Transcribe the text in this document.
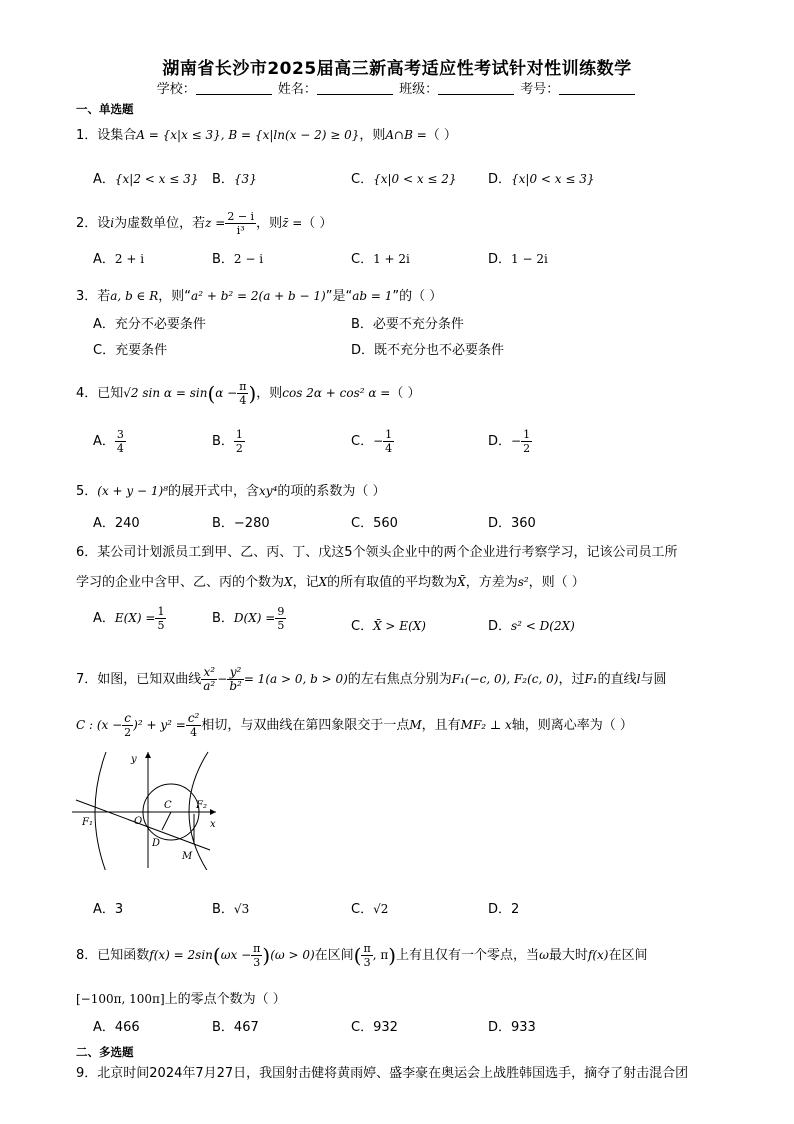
湖南省长沙市2025届高三新高考适应性考试针对性训练数学
学校：	姓名：	班级：	考号：
一、单选题
1．设集合A = {x|x ≤ 3}, B = {x|ln(x − 2) ≥ 0}，则A∩B =（ ）
A．{x|2 < x ≤ 3} B．{3}	C．{x|0 < x ≤ 2} D．{x|0 < x ≤ 3}
2．设i为虚数单位，若$z = \frac{2 - i}{\text{i³}}$ ，则z̄ =（ ）
A．2 + i	B．2 − i	C．1 + 2i	D．1 − 2i
3．若a, b ∈ R，则“a² + b² = 2(a + b − 1)”是“ab = 1”的（ ）
A．充分不必要条件	B．必要不充分条件
C．充要条件	D．既不充分也不必要条件
4．已知√2 $\sin \alpha = \sin(\alpha - \frac{\pi}{4}$ )，则cos 2α + cos² α =（ ）
A． $\frac{3}{4}$	B． $\frac{1}{2}$	C．− $\frac{1}{4}$	D．− $\frac{1}{2}$
5．(x + y − 1)⁸的展开式中，含xy⁴的项的系数为（ ）
A．240	B．−280	C．560	D．360
6．某公司计划派员工到甲、乙、丙、丁、戊这5个领头企业中的两个企业进行考察学习，记该公司员工所
学习的企业中含甲、乙、丙的个数为X，记X的所有取值的平均数为X̄，方差为s²，则（ ）
A．$E(X) = \frac{1}{5}$	B．$D(X) = \frac{9}{5}$	C．X̄ > E(X)	D．s² < D(2X)
7．如图，已知双曲线 $\frac{\text{x²}}{\text{a²}} - \frac{\text{y²}}{\text{b²}} = 1(a > 0$, b > 0)的左右焦点分别为F₁(−c, 0), F₂(c, 0)，过F₁的直线l与圆
C : $(x - \frac{c}{2} )^2 + y^2 = \frac{\text{c²}}{4}$ 相切，与双曲线在第四象限交于一点M，且有MF₂ ⊥ x轴，则离心率为（ ）
y
x
O
C F₂
F₁
D
M
A．3	B．√3	C．√2	D．2
8．已知函数$f(x) = 2\sin(\omega x - \frac{\pi}{3} )(\omega > 0)$在区间( $\frac{\pi}{3}$ , π)上有且仅有一个零点，当ω最大时f(x)在区间
[−100π, 100π]上的零点个数为（ ）
A．466	B．467	C．932	D．933
二、多选题
9．北京时间2024年7月27日，我国射击健将黄雨婷、盛李豪在奥运会上战胜韩国选手，摘夺了射击混合团
